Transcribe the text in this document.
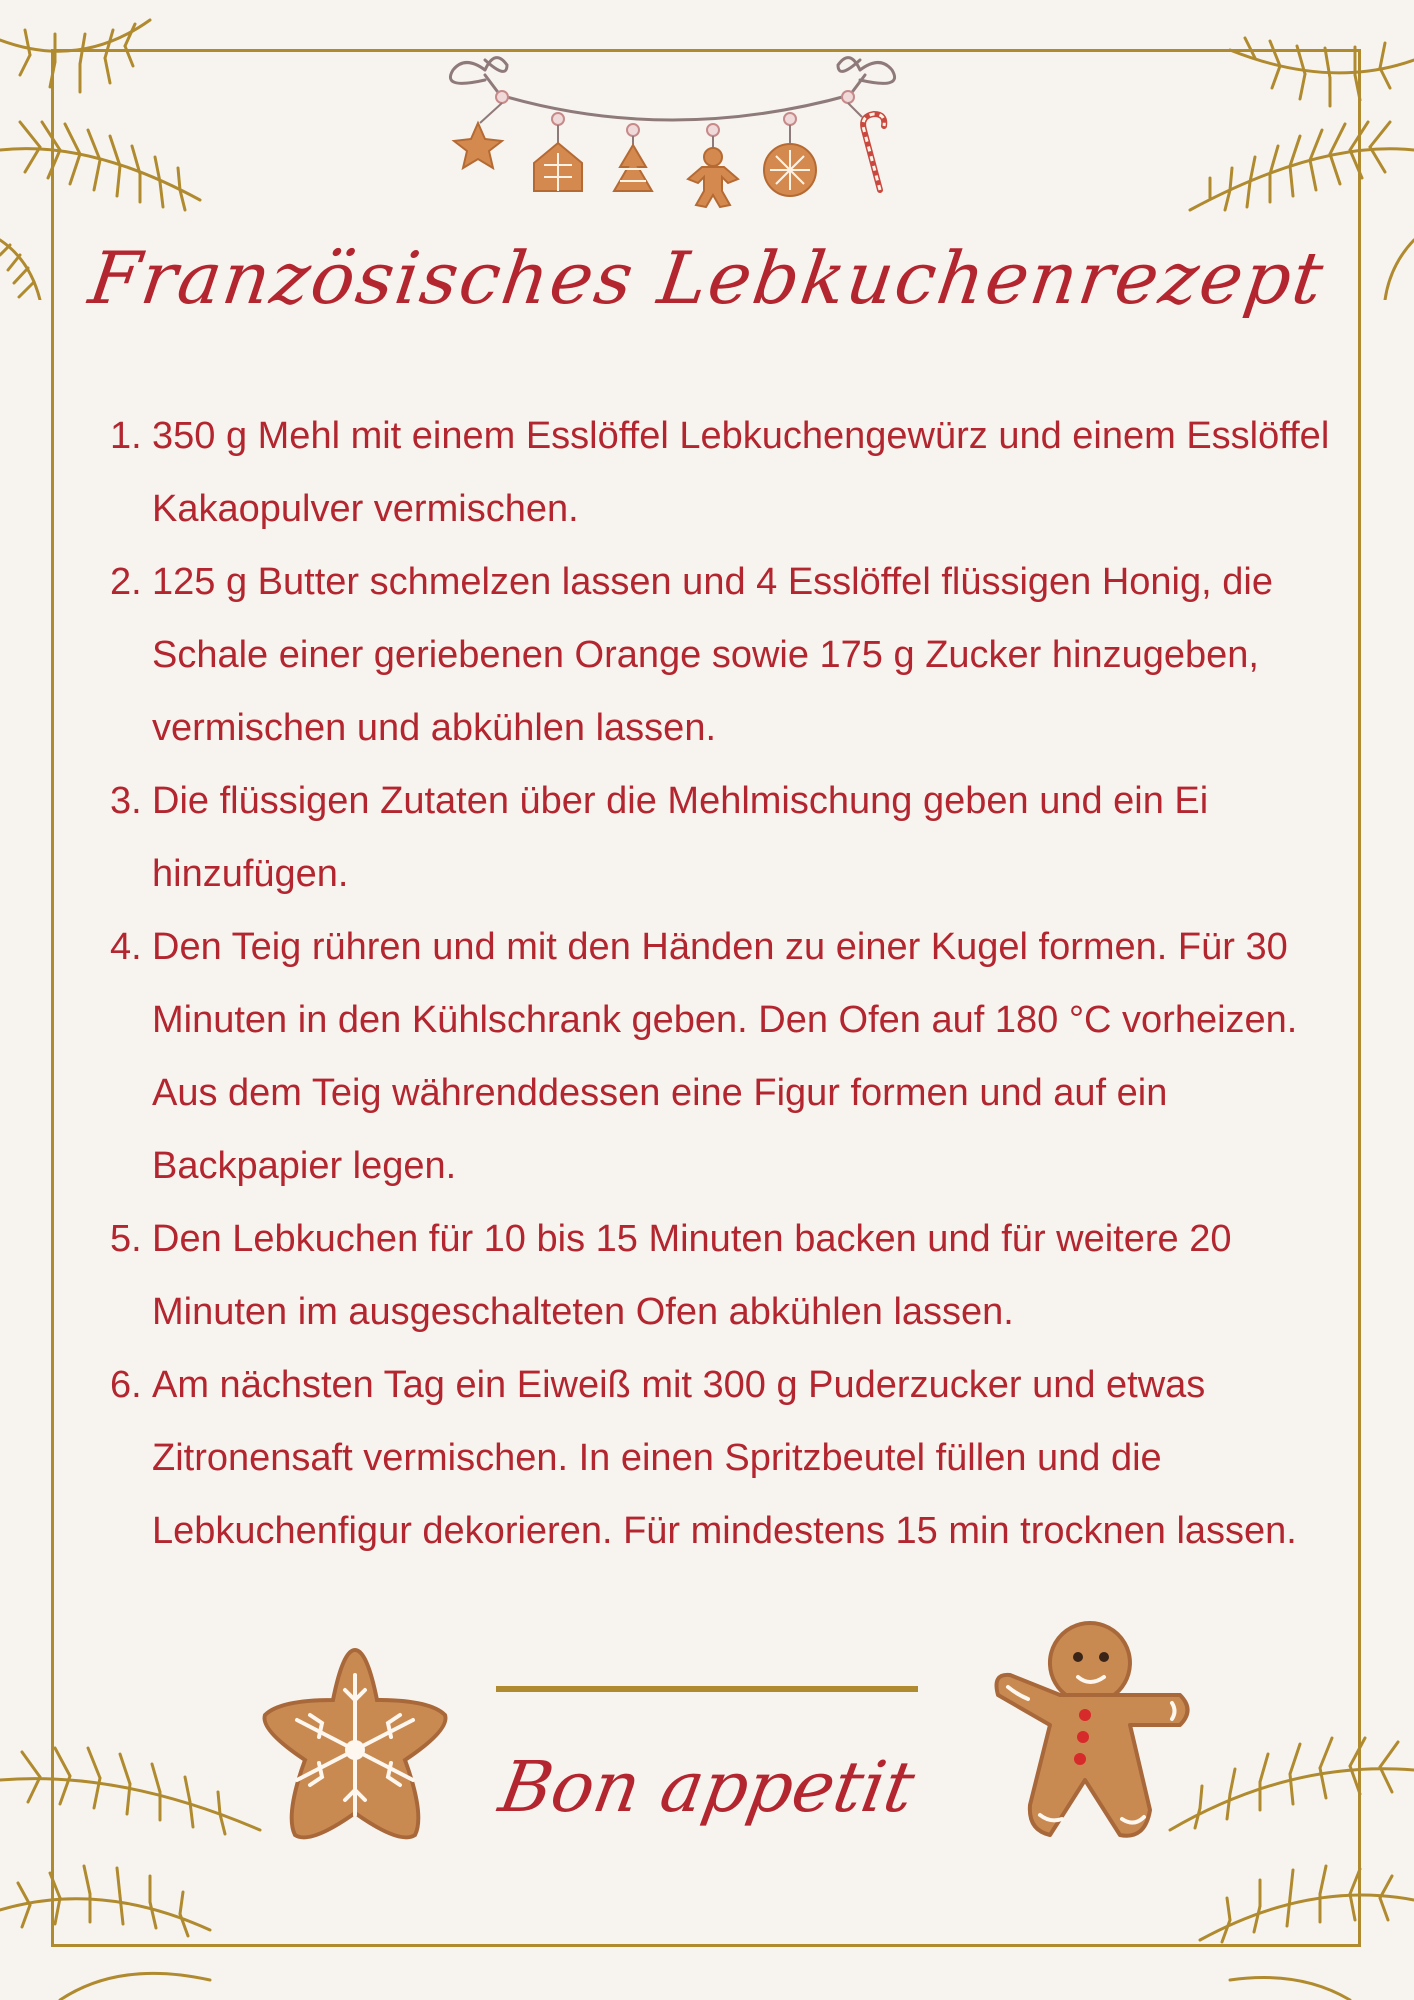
Französisches Lebkuchenrezept
1. 350 g Mehl mit einem Esslöffel Lebkuchengewürz und einem Esslöffel Kakaopulver vermischen.
2. 125 g Butter schmelzen lassen und 4 Esslöffel flüssigen Honig, die Schale einer geriebenen Orange sowie 175 g Zucker hinzugeben, vermischen und abkühlen lassen.
3. Die flüssigen Zutaten über die Mehlmischung geben und ein Ei hinzufügen.
4. Den Teig rühren und mit den Händen zu einer Kugel formen. Für 30 Minuten in den Kühlschrank geben. Den Ofen auf 180 °C vorheizen. Aus dem Teig währenddessen eine Figur formen und auf ein Backpapier legen.
5. Den Lebkuchen für 10 bis 15 Minuten backen und für weitere 20 Minuten im ausgeschalteten Ofen abkühlen lassen.
6. Am nächsten Tag ein Eiweiß mit 300 g Puderzucker und etwas Zitronensaft vermischen. In einen Spritzbeutel füllen und die Lebkuchenfigur dekorieren. Für mindestens 15 min trocknen lassen.
Bon appetit
